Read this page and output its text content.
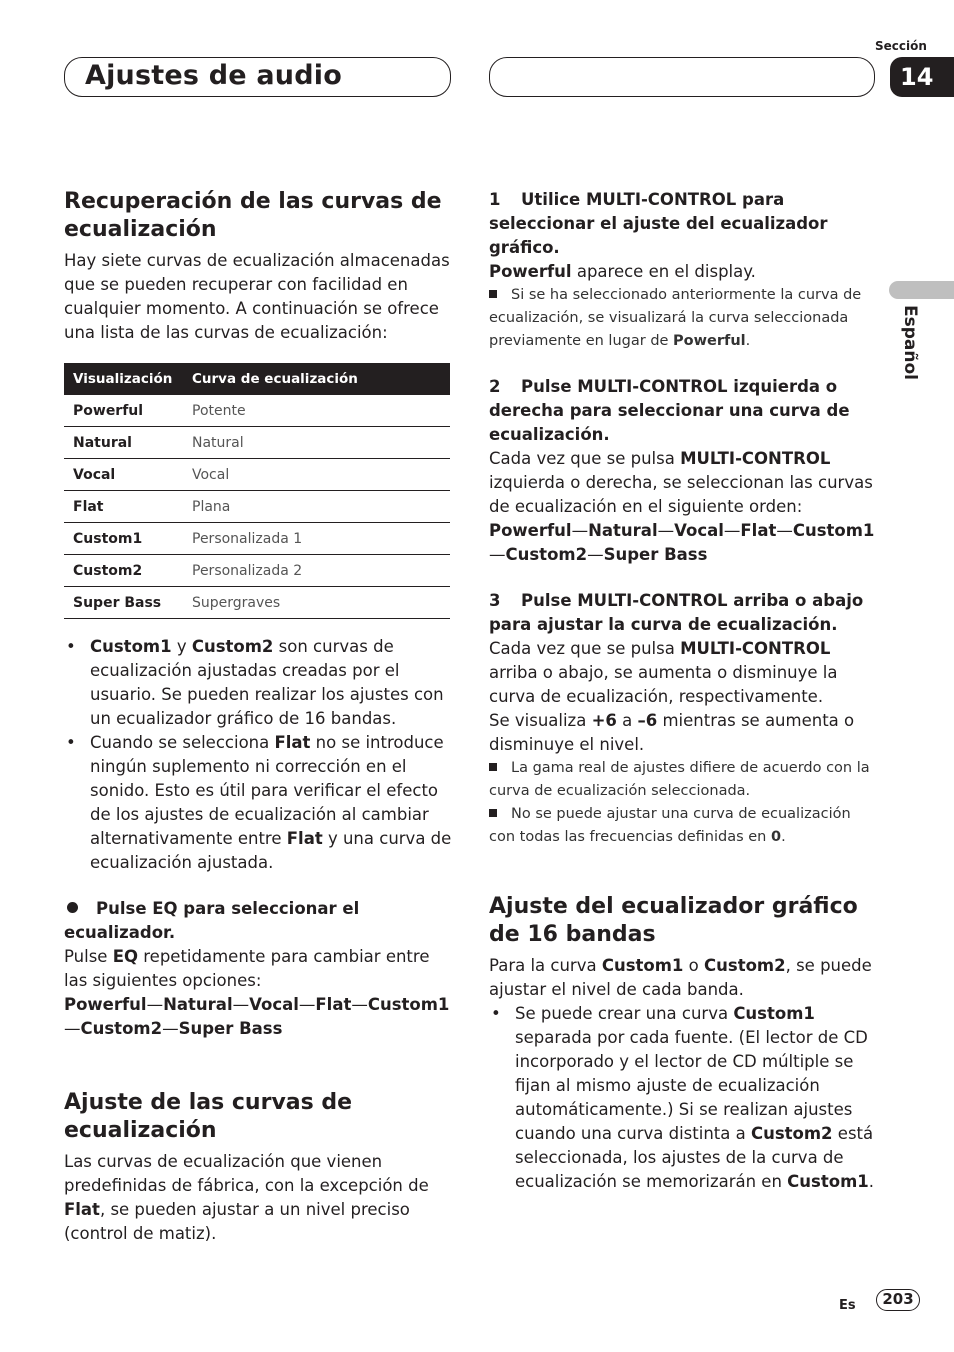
Ajustes de audio
Sección
14
Español
Recuperación de las curvas de ecualización

Hay siete curvas de ecualización almacenadas que se pueden recuperar con facilidad en cualquier momento. A continuación se ofrece una lista de las curvas de ecualización:

Visualización	Curva de ecualización
Powerful	Potente
Natural	Natural
Vocal	Vocal
Flat	Plana
Custom1	Personalizada 1
Custom2	Personalizada 2
Super Bass	Supergraves

• Custom1 y Custom2 son curvas de ecualización ajustadas creadas por el usuario. Se pueden realizar los ajustes con un ecualizador gráfico de 16 bandas.

• Cuando se selecciona Flat no se introduce ningún suplemento ni corrección en el sonido. Esto es útil para verificar el efecto de los ajustes de ecualización al cambiar alternativamente entre Flat y una curva de ecualización ajustada.

Pulse EQ para seleccionar el ecualizador.

Pulse EQ repetidamente para cambiar entre las siguientes opciones:

Powerful—Natural—Vocal—Flat—Custom1—Custom2—Super Bass

Ajuste de las curvas de ecualización

Las curvas de ecualización que vienen predefinidas de fábrica, con la excepción de Flat, se pueden ajustar a un nivel preciso (control de matiz).

1 Utilice MULTI-CONTROL para seleccionar el ajuste del ecualizador gráfico.

Powerful aparece en el display.

Si se ha seleccionado anteriormente la curva de ecualización, se visualizará la curva seleccionada previamente en lugar de Powerful.

2 Pulse MULTI-CONTROL izquierda o derecha para seleccionar una curva de ecualización.

Cada vez que se pulsa MULTI-CONTROL izquierda o derecha, se seleccionan las curvas de ecualización en el siguiente orden:

Powerful—Natural—Vocal—Flat—Custom1—Custom2—Super Bass

3 Pulse MULTI-CONTROL arriba o abajo para ajustar la curva de ecualización.

Cada vez que se pulsa MULTI-CONTROL arriba o abajo, se aumenta o disminuye la curva de ecualización, respectivamente.

Se visualiza +6 a –6 mientras se aumenta o disminuye el nivel.

La gama real de ajustes difiere de acuerdo con la curva de ecualización seleccionada.

No se puede ajustar una curva de ecualización con todas las frecuencias definidas en 0.

Ajuste del ecualizador gráfico de 16 bandas

Para la curva Custom1 o Custom2, se puede ajustar el nivel de cada banda.

• Se puede crear una curva Custom1 separada por cada fuente. (El lector de CD incorporado y el lector de CD múltiple se fijan al mismo ajuste de ecualización automáticamente.) Si se realizan ajustes cuando una curva distinta a Custom2 está seleccionada, los ajustes de la curva de ecualización se memorizarán en Custom1.

Es	203
